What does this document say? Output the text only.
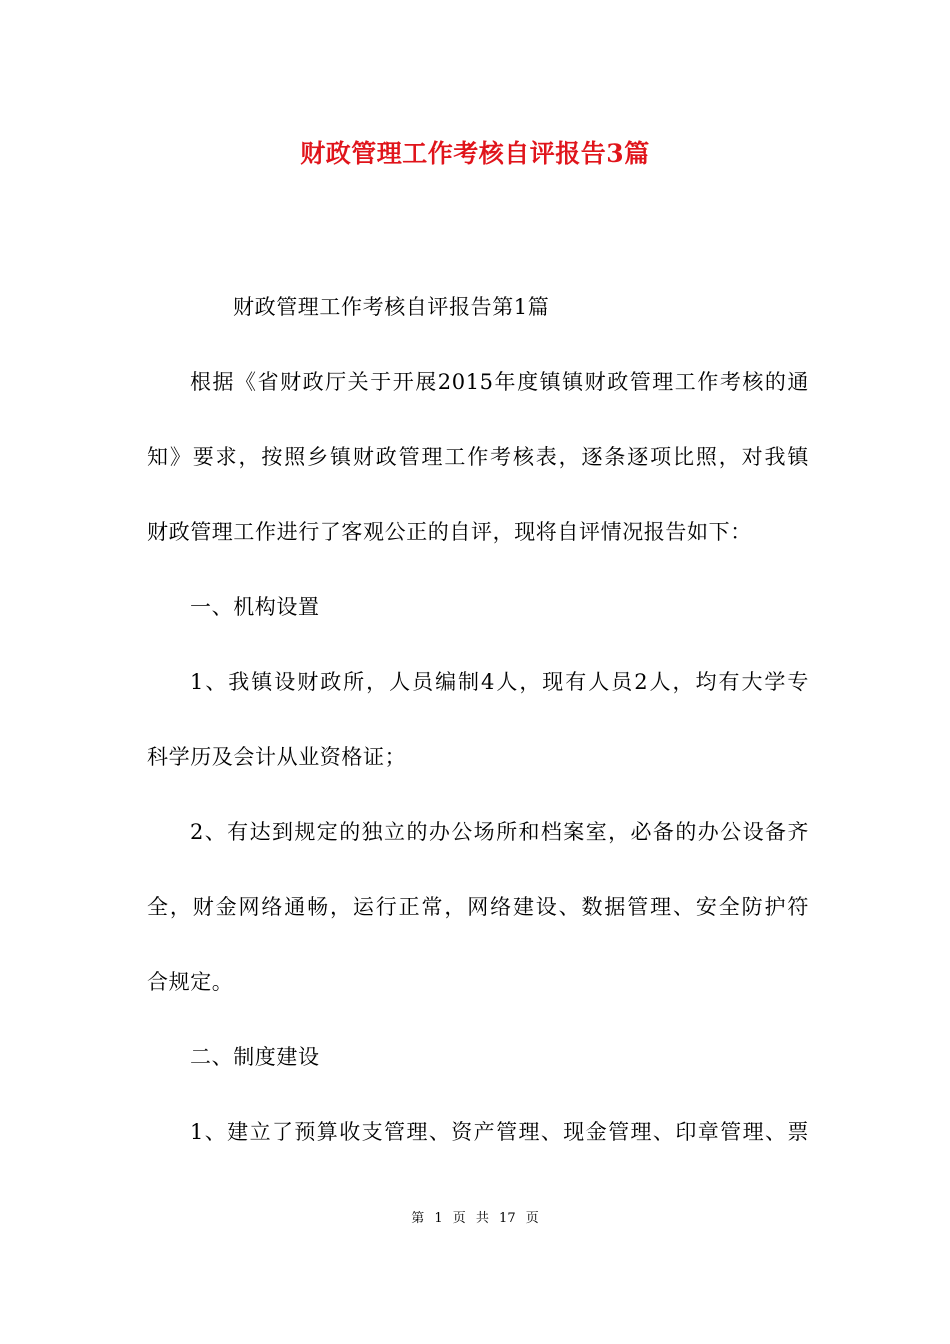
财政管理工作考核自评报告3篇
财政管理工作考核自评报告第1篇
根据《省财政厅关于开展2015年度镇镇财政管理工作考核的通
知》要求，按照乡镇财政管理工作考核表，逐条逐项比照，对我镇
财政管理工作进行了客观公正的自评，现将自评情况报告如下：
一、机构设置
1、我镇设财政所，人员编制4人，现有人员2人，均有大学专
科学历及会计从业资格证；
2、有达到规定的独立的办公场所和档案室，必备的办公设备齐
全，财金网络通畅，运行正常，网络建设、数据管理、安全防护符
合规定。
二、制度建设
1、建立了预算收支管理、资产管理、现金管理、印章管理、票
第 1 页 共 17 页
